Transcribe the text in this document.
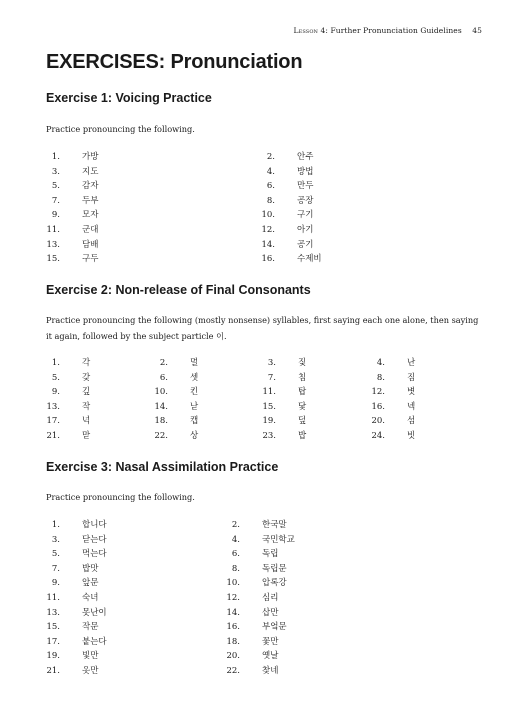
Lesson 4: Further Pronunciation Guidelines 45
EXERCISES: Pronunciation
Exercise 1: Voicing Practice

Practice pronouncing the following.

1.	가방	2.	안주
3.	지도	4.	방법
5.	감자	6.	만두
7.	두부	8.	공장
9.	모자	10.	구기
11.	군대	12.	아기
13.	담배	14.	공기
15.	구두	16.	수제비
Exercise 2: Non-release of Final Consonants

Practice pronouncing the following (mostly nonsense) syllables, first saying each one alone, then saying it again, followed by the subject particle 이.

1.	각	2.	멀	3.	짖	4.	난
5.	갖	6.	셋	7.	침	8.	짐
9.	깊	10.	킨	11.	탑	12.	볏
13.	작	14.	낟	15.	닻	16.	넥
17.	넉	18.	캡	19.	덮	20.	섬
21.	맏	22.	상	23.	밥	24.	빗
Exercise 3: Nasal Assimilation Practice

Practice pronouncing the following.

1.	합니다	2.	한국말
3.	닫는다	4.	국민학교
5.	먹는다	6.	독립
7.	밥맛	8.	독립문
9.	앞문	10.	압록강
11.	숙녀	12.	심리
13.	못난이	14.	삽만
15.	작문	16.	부엌문
17.	붙는다	18.	꽃만
19.	빛만	20.	옛날
21.	옷만	22.	찾네
